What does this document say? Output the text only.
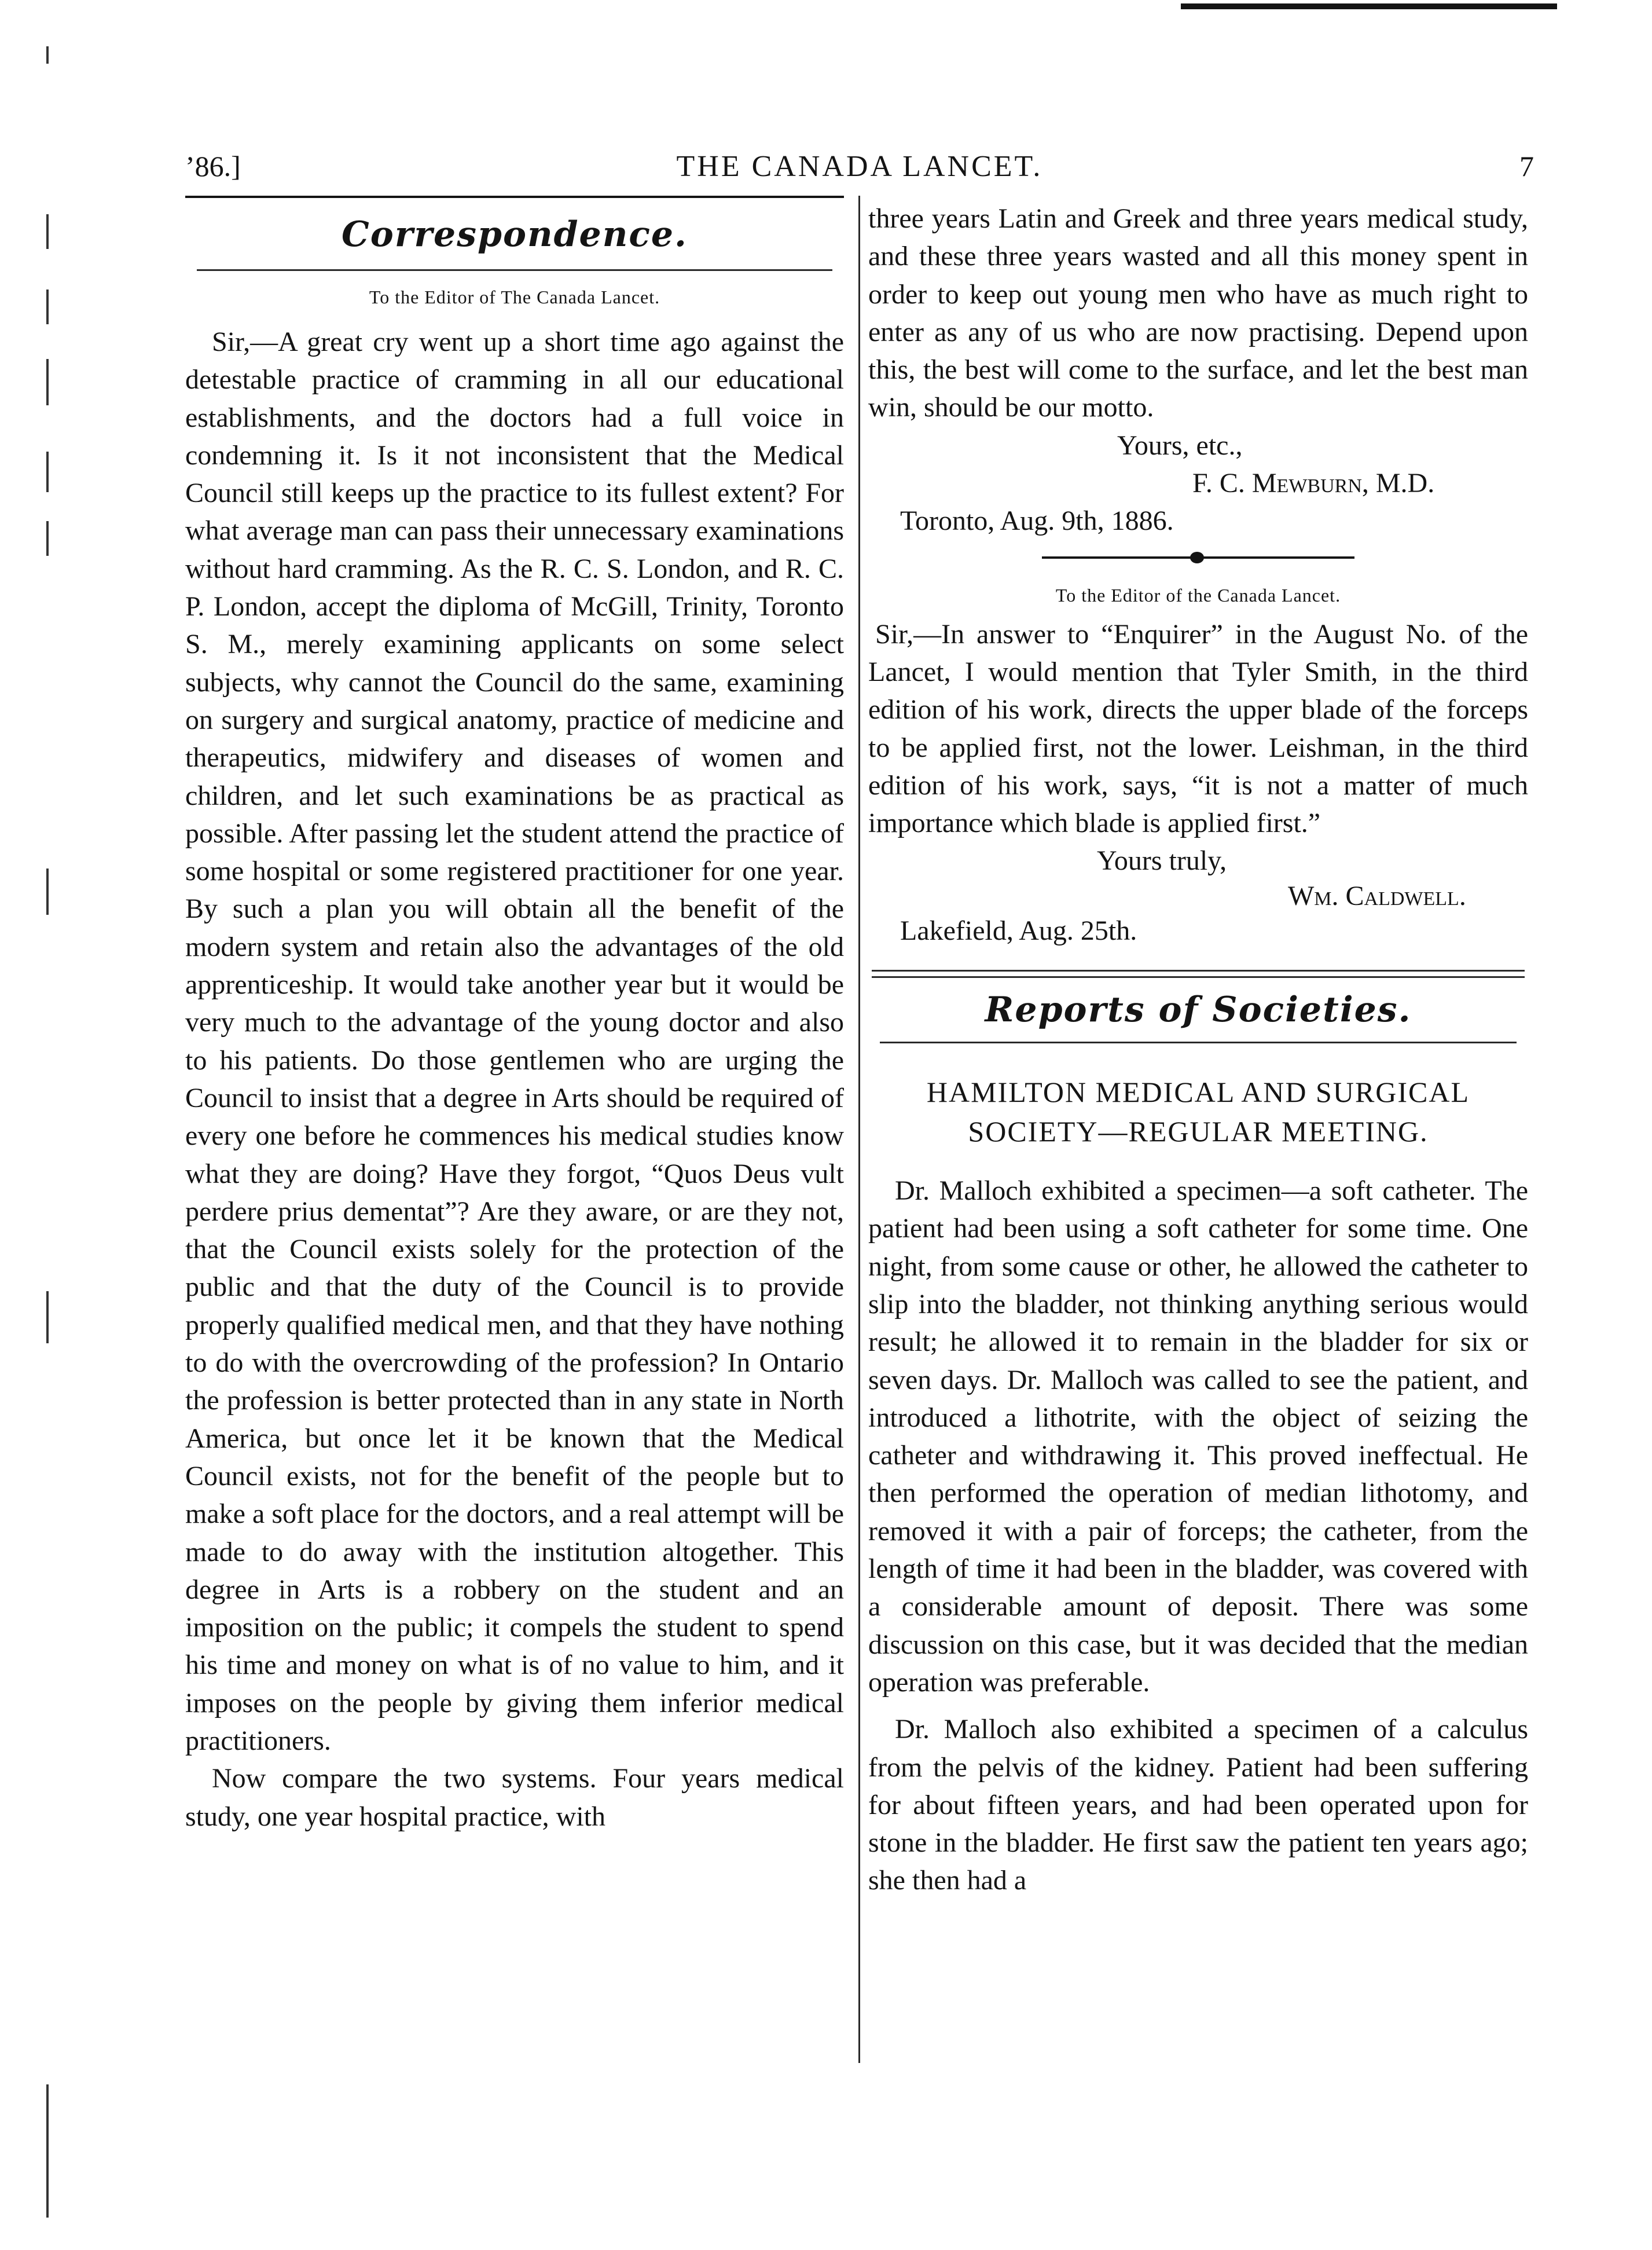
’86.]	THE CANADA LANCET.	7
Correspondence.

To the Editor of The Canada Lancet.

Sir,—A great cry went up a short time ago against the detestable practice of cramming in all our educational establishments, and the doctors had a full voice in condemning it. Is it not inconsistent that the Medical Council still keeps up the practice to its fullest extent? For what average man can pass their unnecessary examinations without hard cramming. As the R. C. S. London, and R. C. P. London, accept the diploma of McGill, Trinity, Toronto S. M., merely examining applicants on some select subjects, why cannot the Council do the same, examining on surgery and surgical anatomy, practice of medicine and therapeutics, midwifery and diseases of women and children, and let such examinations be as practical as possible. After passing let the student attend the practice of some hospital or some registered practitioner for one year. By such a plan you will obtain all the benefit of the modern system and retain also the advantages of the old apprenticeship. It would take another year but it would be very much to the advantage of the young doctor and also to his patients. Do those gentlemen who are urging the Council to insist that a degree in Arts should be required of every one before he commences his medical studies know what they are doing? Have they forgot, “Quos Deus vult perdere prius dementat”? Are they aware, or are they not, that the Council exists solely for the protection of the public and that the duty of the Council is to provide properly qualified medical men, and that they have nothing to do with the overcrowding of the profession? In Ontario the profession is better protected than in any state in North America, but once let it be known that the Medical Council exists, not for the benefit of the people but to make a soft place for the doctors, and a real attempt will be made to do away with the institution altogether. This degree in Arts is a robbery on the student and an imposition on the public; it compels the student to spend his time and money on what is of no value to him, and it imposes on the people by giving them inferior medical practitioners.

Now compare the two systems. Four years medical study, one year hospital practice, with

three years Latin and Greek and three years medical study, and these three years wasted and all this money spent in order to keep out young men who have as much right to enter as any of us who are now practising. Depend upon this, the best will come to the surface, and let the best man win, should be our motto.

Yours, etc.,

F. C. Mewburn, M.D.

Toronto, Aug. 9th, 1886.

To the Editor of the Canada Lancet.

Sir,—In answer to “Enquirer” in the August No. of the Lancet, I would mention that Tyler Smith, in the third edition of his work, directs the upper blade of the forceps to be applied first, not the lower. Leishman, in the third edition of his work, says, “it is not a matter of much importance which blade is applied first.”

Yours truly,

Wm. Caldwell.

Lakefield, Aug. 25th.

Reports of Societies.

HAMILTON MEDICAL AND SURGICAL

SOCIETY—REGULAR MEETING.

Dr. Malloch exhibited a specimen—a soft catheter. The patient had been using a soft catheter for some time. One night, from some cause or other, he allowed the catheter to slip into the bladder, not thinking anything serious would result; he allowed it to remain in the bladder for six or seven days. Dr. Malloch was called to see the patient, and introduced a lithotrite, with the object of seizing the catheter and withdrawing it. This proved ineffectual. He then performed the operation of median lithotomy, and removed it with a pair of forceps; the catheter, from the length of time it had been in the bladder, was covered with a considerable amount of deposit. There was some discussion on this case, but it was decided that the median operation was preferable.

Dr. Malloch also exhibited a specimen of a calculus from the pelvis of the kidney. Patient had been suffering for about fifteen years, and had been operated upon for stone in the bladder. He first saw the patient ten years ago; she then had a
